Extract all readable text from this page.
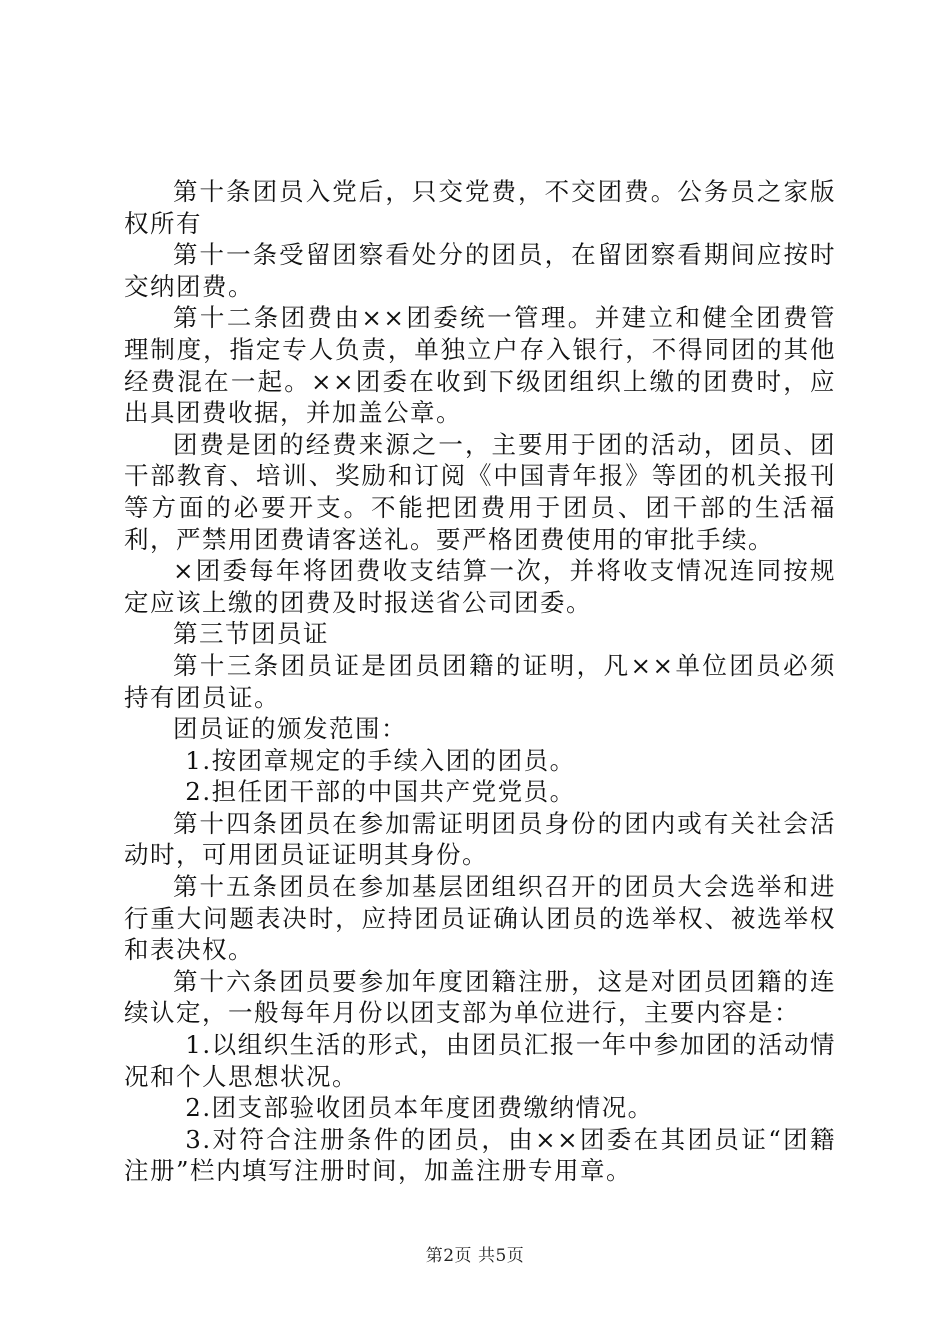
第十条团员入党后，只交党费，不交团费。公务员之家版权所有

第十一条受留团察看处分的团员，在留团察看期间应按时交纳团费。

第十二条团费由××团委统一管理。并建立和健全团费管理制度，指定专人负责，单独立户存入银行，不得同团的其他经费混在一起。××团委在收到下级团组织上缴的团费时，应出具团费收据，并加盖公章。

团费是团的经费来源之一，主要用于团的活动，团员、团干部教育、培训、奖励和订阅《中国青年报》等团的机关报刊等方面的必要开支。不能把团费用于团员、团干部的生活福利，严禁用团费请客送礼。要严格团费使用的审批手续。

×团委每年将团费收支结算一次，并将收支情况连同按规定应该上缴的团费及时报送省公司团委。

第三节团员证

第十三条团员证是团员团籍的证明，凡××单位团员必须持有团员证。

团员证的颁发范围：

1.按团章规定的手续入团的团员。

2.担任团干部的中国共产党党员。

第十四条团员在参加需证明团员身份的团内或有关社会活动时，可用团员证证明其身份。

第十五条团员在参加基层团组织召开的团员大会选举和进行重大问题表决时，应持团员证确认团员的选举权、被选举权和表决权。

第十六条团员要参加年度团籍注册，这是对团员团籍的连续认定，一般每年月份以团支部为单位进行，主要内容是：

1.以组织生活的形式，由团员汇报一年中参加团的活动情况和个人思想状况。

2.团支部验收团员本年度团费缴纳情况。

3.对符合注册条件的团员，由××团委在其团员证“团籍注册”栏内填写注册时间，加盖注册专用章。

第2页 共5页
